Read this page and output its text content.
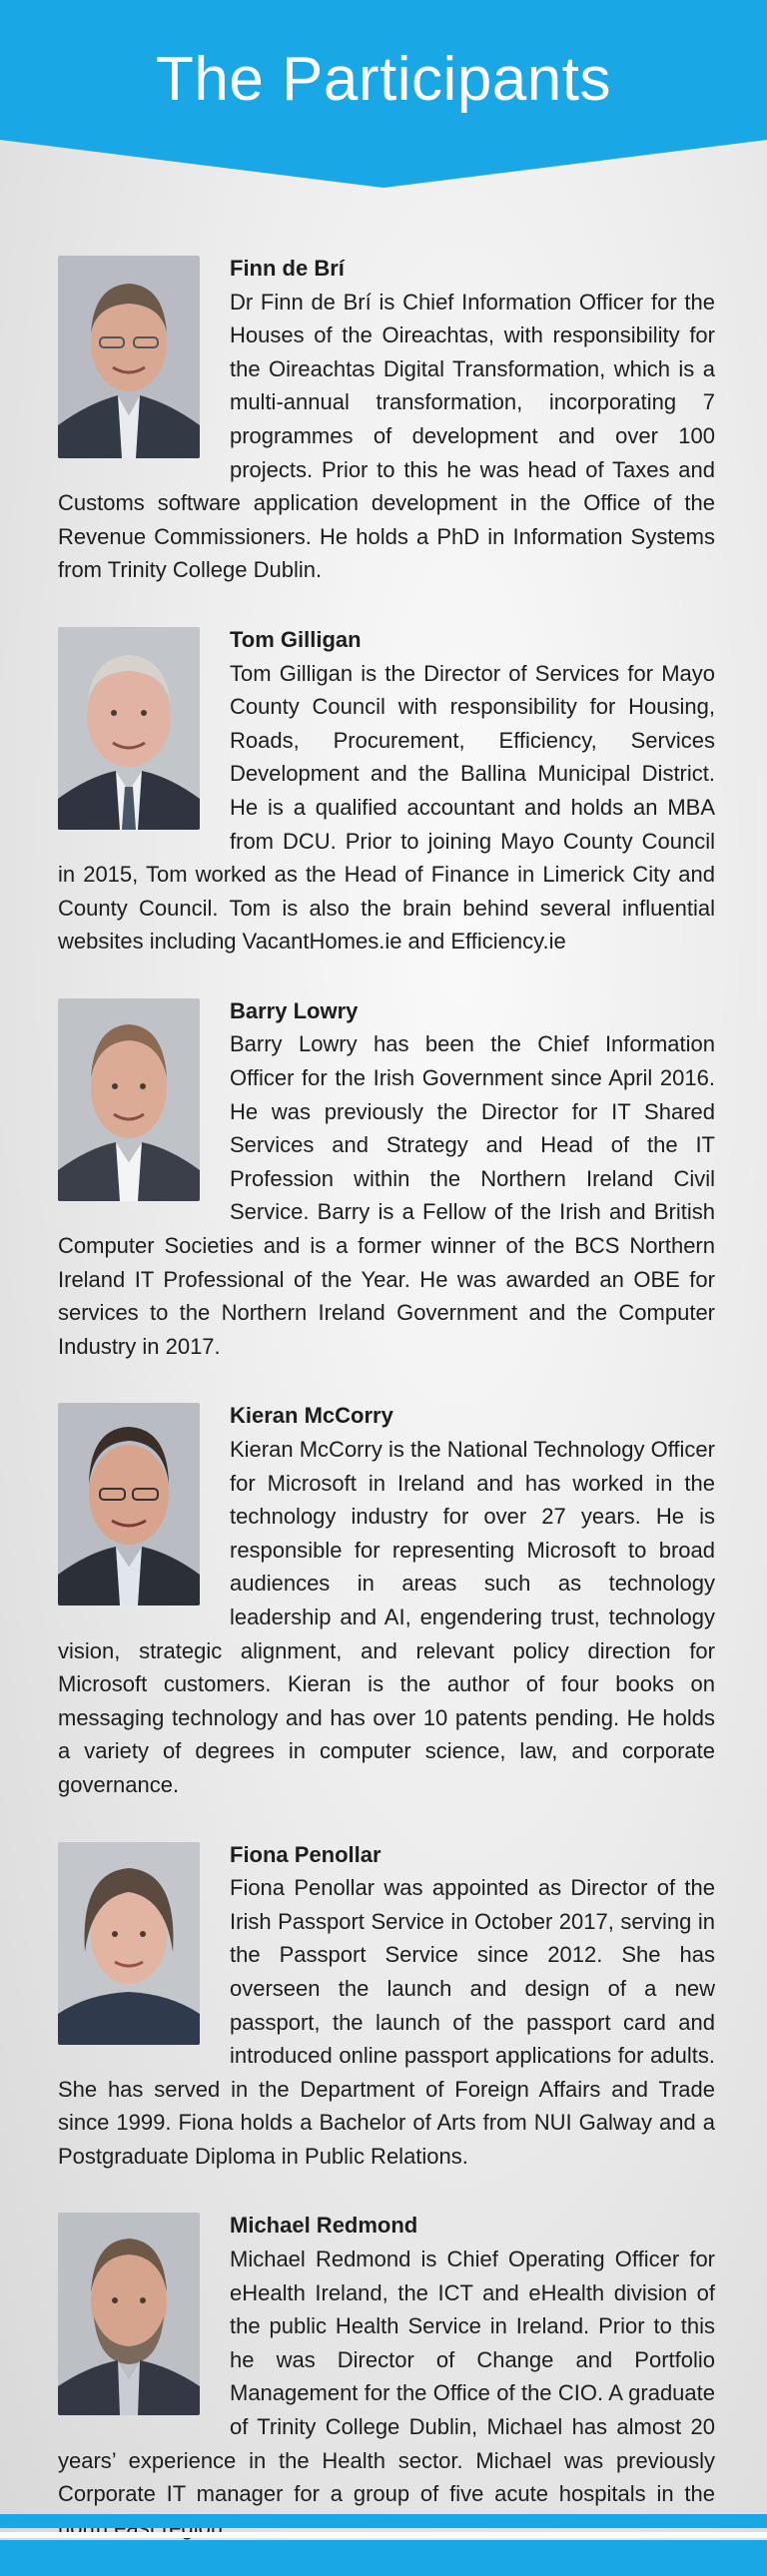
The Participants
Finn de Brí
Dr Finn de Brí is Chief Information Officer for the Houses of the Oireachtas, with responsibility for the Oireachtas Digital Transformation, which is a multi-annual transformation, incorporating 7 programmes of development and over 100 projects. Prior to this he was head of Taxes and Customs software application development in the Office of the Revenue Commissioners. He holds a PhD in Information Systems from Trinity College Dublin.
Tom Gilligan
Tom Gilligan is the Director of Services for Mayo County Council with responsibility for Housing, Roads, Procurement, Efficiency, Services Development and the Ballina Municipal District. He is a qualified accountant and holds an MBA from DCU. Prior to joining Mayo County Council in 2015, Tom worked as the Head of Finance in Limerick City and County Council. Tom is also the brain behind several influential websites including VacantHomes.ie and Efficiency.ie
Barry Lowry
Barry Lowry has been the Chief Information Officer for the Irish Government since April 2016. He was previously the Director for IT Shared Services and Strategy and Head of the IT Profession within the Northern Ireland Civil Service. Barry is a Fellow of the Irish and British Computer Societies and is a former winner of the BCS Northern Ireland IT Professional of the Year. He was awarded an OBE for services to the Northern Ireland Government and the Computer Industry in 2017.
Kieran McCorry
Kieran McCorry is the National Technology Officer for Microsoft in Ireland and has worked in the technology industry for over 27 years. He is responsible for representing Microsoft to broad audiences in areas such as technology leadership and AI, engendering trust, technology vision, strategic alignment, and relevant policy direction for Microsoft customers. Kieran is the author of four books on messaging technology and has over 10 patents pending. He holds a variety of degrees in computer science, law, and corporate governance.
Fiona Penollar
Fiona Penollar was appointed as Director of the Irish Passport Service in October 2017, serving in the Passport Service since 2012. She has overseen the launch and design of a new passport, the launch of the passport card and introduced online passport applications for adults. She has served in the Department of Foreign Affairs and Trade since 1999. Fiona holds a Bachelor of Arts from NUI Galway and a Postgraduate Diploma in Public Relations.
Michael Redmond
Michael Redmond is Chief Operating Officer for eHealth Ireland, the ICT and eHealth division of the public Health Service in Ireland. Prior to this he was Director of Change and Portfolio Management for the Office of the CIO. A graduate of Trinity College Dublin, Michael has almost 20 years’ experience in the Health sector. Michael was previously Corporate IT manager for a group of five acute hospitals in the
